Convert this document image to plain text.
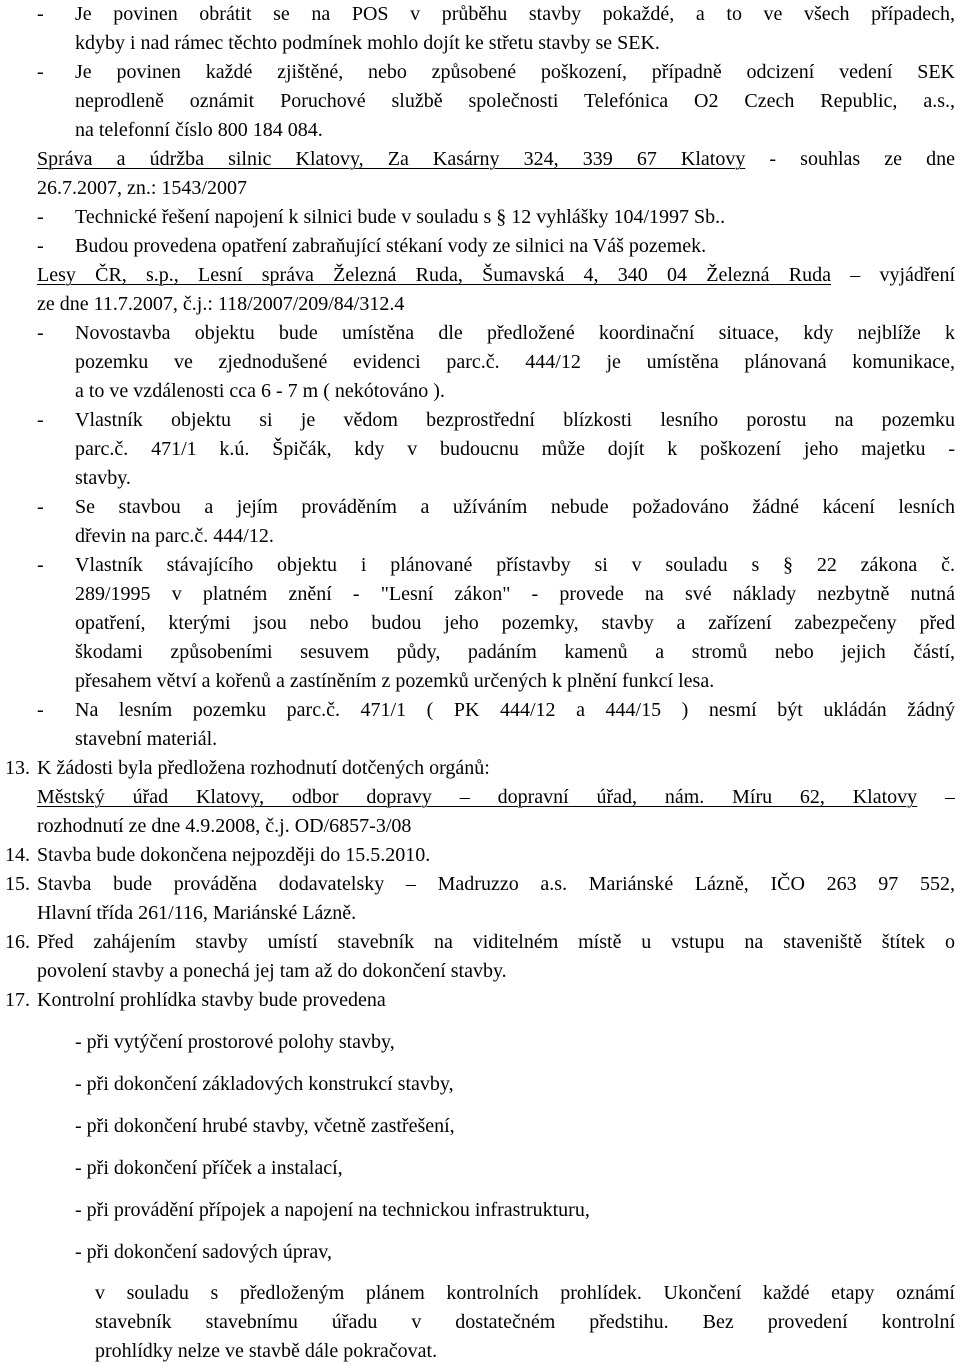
- Je povinen obrátit se na POS v průběhu stavby pokaždé, a to ve všech případech,
kdyby i nad rámec těchto podmínek mohlo dojít ke střetu stavby se SEK.
- Je povinen každé zjištěné, nebo způsobené poškození, případně odcizení vedení SEK
neprodleně oznámit Poruchové službě společnosti Telefónica O2 Czech Republic, a.s.,
na telefonní číslo 800 184 084.
Správa a údržba silnic Klatovy, Za Kasárny 324, 339 67 Klatovy - souhlas ze dne
26.7.2007, zn.: 1543/2007
- Technické řešení napojení k silnici bude v souladu s § 12 vyhlášky 104/1997 Sb..
- Budou provedena opatření zabraňující stékaní vody ze silnici na Váš pozemek.
Lesy ČR, s.p., Lesní správa Železná Ruda, Šumavská 4, 340 04 Železná Ruda – vyjádření
ze dne 11.7.2007, č.j.: 118/2007/209/84/312.4
- Novostavba objektu bude umístěna dle předložené koordinační situace, kdy nejblíže k
pozemku ve zjednodušené evidenci parc.č. 444/12 je umístěna plánovaná komunikace,
a to ve vzdálenosti cca 6 - 7 m ( nekótováno ).
- Vlastník objektu si je vědom bezprostřední blízkosti lesního porostu na pozemku
parc.č. 471/1 k.ú. Špičák, kdy v budoucnu může dojít k poškození jeho majetku -
stavby.
- Se stavbou a jejím prováděním a užíváním nebude požadováno žádné kácení lesních
dřevin na parc.č. 444/12.
- Vlastník stávajícího objektu i plánované přístavby si v souladu s § 22 zákona č.
289/1995 v platném znění - "Lesní zákon" - provede na své náklady nezbytně nutná
opatření, kterými jsou nebo budou jeho pozemky, stavby a zařízení zabezpečeny před
škodami způsobeními sesuvem půdy, padáním kamenů a stromů nebo jejich částí,
přesahem větví a kořenů a zastíněním z pozemků určených k plnění funkcí lesa.
- Na lesním pozemku parc.č. 471/1 ( PK 444/12 a 444/15 ) nesmí být ukládán žádný
stavební materiál.
13. K žádosti byla předložena rozhodnutí dotčených orgánů:
Městský úřad Klatovy, odbor dopravy – dopravní úřad, nám. Míru 62, Klatovy –
rozhodnutí ze dne 4.9.2008, č.j. OD/6857-3/08
14. Stavba bude dokončena nejpozději do 15.5.2010.
15. Stavba bude prováděna dodavatelsky – Madruzzo a.s. Mariánské Lázně, IČO 263 97 552,
Hlavní třída 261/116, Mariánské Lázně.
16. Před zahájením stavby umístí stavebník na viditelném místě u vstupu na staveniště štítek o
povolení stavby a ponechá jej tam až do dokončení stavby.
17. Kontrolní prohlídka stavby bude provedena
- při vytýčení prostorové polohy stavby,
- při dokončení základových konstrukcí stavby,
- při dokončení hrubé stavby, včetně zastřešení,
- při dokončení příček a instalací,
- při provádění přípojek a napojení na technickou infrastrukturu,
- při dokončení sadových úprav,
v souladu s předloženým plánem kontrolních prohlídek. Ukončení každé etapy oznámí
stavebník stavebnímu úřadu v dostatečném předstihu. Bez provedení kontrolní
prohlídky nelze ve stavbě dále pokračovat.
